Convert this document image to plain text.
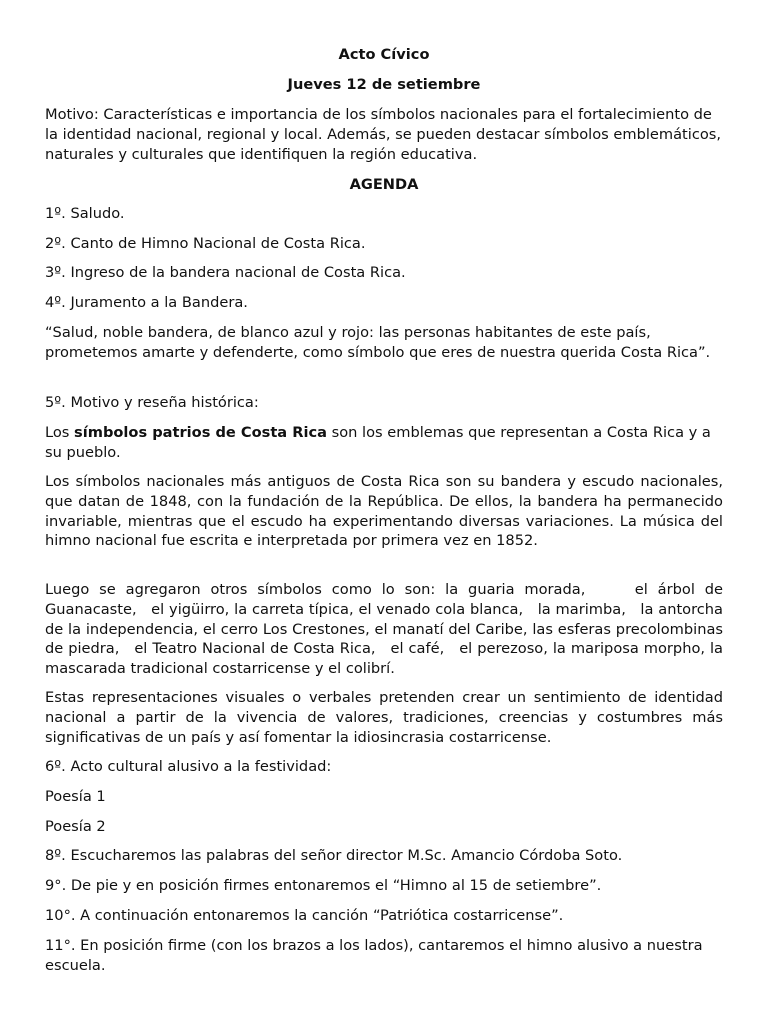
Acto Cívico

Jueves 12 de setiembre

Motivo: Características e importancia de los símbolos nacionales para el fortalecimiento de la identidad nacional, regional y local. Además, se pueden destacar símbolos emblemáticos, naturales y culturales que identifiquen la región educativa.

AGENDA

1º. Saludo.

2º. Canto de Himno Nacional de Costa Rica.

3º. Ingreso de la bandera nacional de Costa Rica.

4º. Juramento a la Bandera.

“Salud, noble bandera, de blanco azul y rojo: las personas habitantes de este país, prometemos amarte y defenderte, como símbolo que eres de nuestra querida Costa Rica”.

5º. Motivo y reseña histórica:

Los símbolos patrios de Costa Rica son los emblemas que representan a Costa Rica y a su pueblo.

Los símbolos nacionales más antiguos de Costa Rica son su bandera y escudo nacionales, que datan de 1848, con la fundación de la República. De ellos, la bandera ha permanecido invariable, mientras que el escudo ha experimentando diversas variaciones. La música del himno nacional fue escrita e interpretada por primera vez en 1852.

Luego se agregaron otros símbolos como lo son: la guaria morada,     el árbol de Guanacaste,   el yigüirro, la carreta típica, el venado cola blanca,   la marimba,   la antorcha de la independencia, el cerro Los Crestones, el manatí del Caribe, las esferas precolombinas de piedra,   el Teatro Nacional de Costa Rica,   el café,   el perezoso, la mariposa morpho, la mascarada tradicional costarricense y el colibrí.

Estas representaciones visuales o verbales pretenden crear un sentimiento de identidad nacional a partir de la vivencia de valores, tradiciones, creencias y costumbres más significativas de un país y así fomentar la idiosincrasia costarricense.

6º. Acto cultural alusivo a la festividad:

Poesía 1

Poesía 2

8º. Escucharemos las palabras del señor director M.Sc. Amancio Córdoba Soto.

9°. De pie y en posición firmes entonaremos el “Himno al 15 de setiembre”.

10°. A continuación entonaremos la canción “Patriótica costarricense”.

11°. En posición firme (con los brazos a los lados), cantaremos el himno alusivo a nuestra escuela.
